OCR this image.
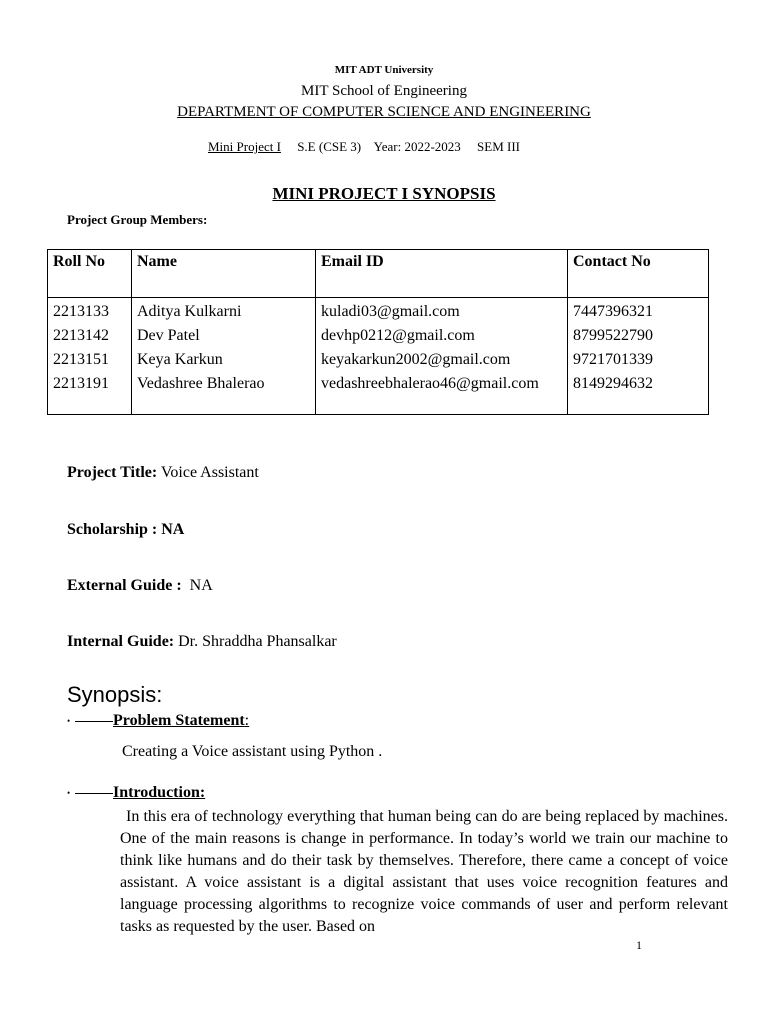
MIT ADT University
MIT School of Engineering
DEPARTMENT OF COMPUTER SCIENCE AND ENGINEERING
Mini Project I S.E (CSE 3) Year: 2022-2023 SEM III
MINI PROJECT I SYNOPSIS
Project Group Members:
Roll No	Name	Email ID	Contact No
2213133	Aditya Kulkarni	kuladi03@gmail.com	7447396321
2213142	Dev Patel	devhp0212@gmail.com	8799522790
2213151	Keya Karkun	keyakarkun2002@gmail.com	9721701339
2213191	Vedashree Bhalerao	vedashreebhalerao46@gmail.com	8149294632
Project Title: Voice Assistant
Scholarship : NA
External Guide :  NA
Internal Guide: Dr. Shraddha Phansalkar
Synopsis:
•	Problem Statement :
Creating a Voice assistant using Python .
•	Introduction:
In this era of technology everything that human being can do are being replaced by machines. One of the main reasons is change in performance. In today’s world we train our machine to think like humans and do their task by themselves. Therefore, there came a concept of voice assistant. A voice assistant is a digital assistant that uses voice recognition features and language processing algorithms to recognize voice commands of user and perform relevant tasks as requested by the user. Based on
1
